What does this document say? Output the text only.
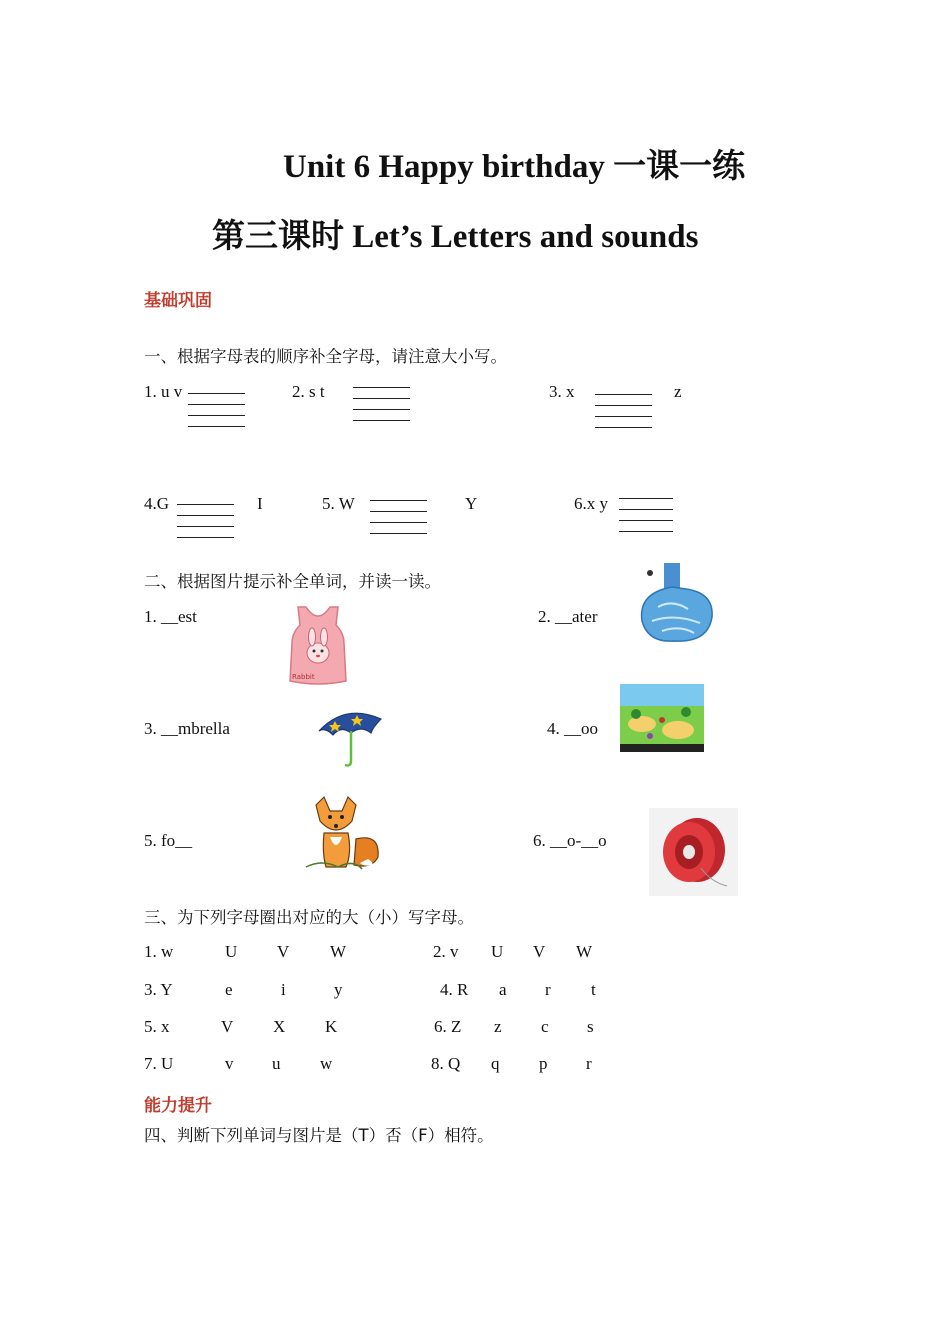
Unit 6 Happy birthday 一课一练
第三课时 Let’s Letters and sounds
基础巩固
一、根据字母表的顺序补全字母，请注意大小写。
1. u v	2. s t	3. x	z
4.G	I	5. W	Y	6.x y
二、根据图片提示补全单词，并读一读。
1. __est
Rabbit
2. __ater
3. __mbrella	4. __oo
5. fo__	6. __o-__o
三、为下列字母圈出对应的大（小）写字母。
1. w	U V W	2. v U V W
3. Y	e	i	y	4. R a r t
5. x	V X K	6. Z z c s
7. U	v u w	8. Q q p r
能力提升
四、判断下列单词与图片是（T）否（F）相符。
